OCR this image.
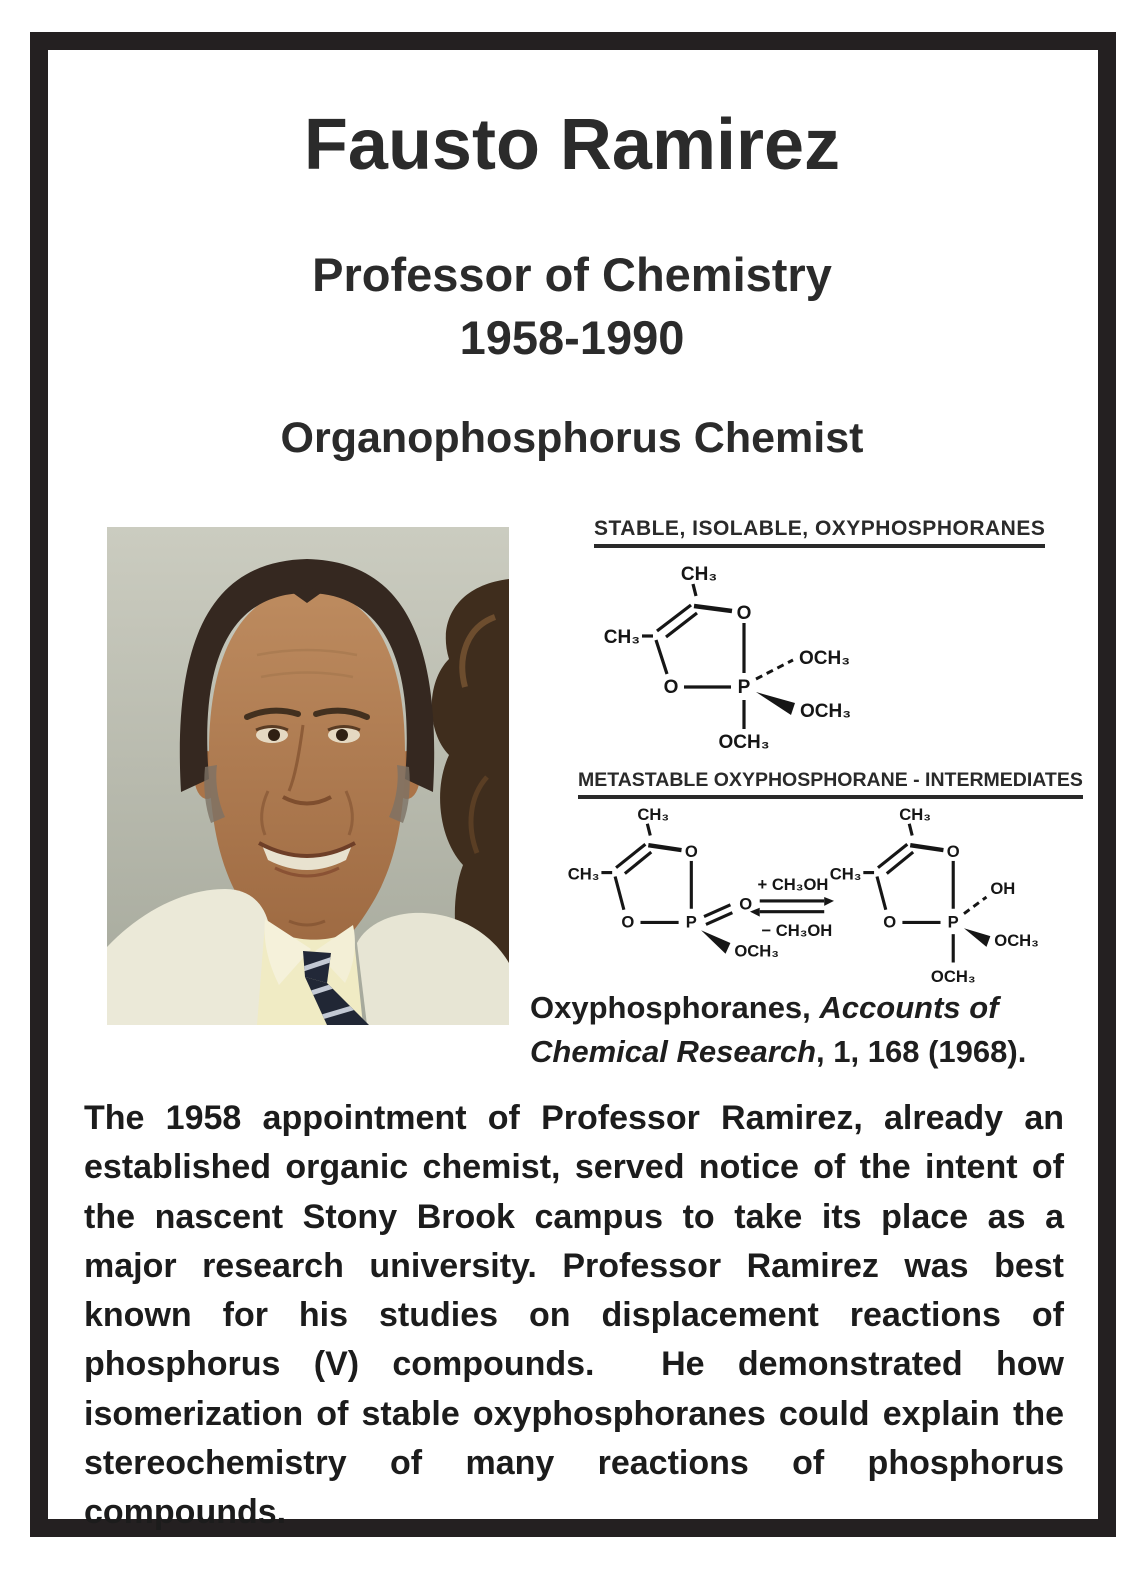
Fausto Ramirez
Professor of Chemistry
1958-1990
Organophosphorus Chemist
STABLE, ISOLABLE, OXYPHOSPHORANES
CH₃
CH₃
O
O	P
OCH₃
OCH₃
OCH₃
METASTABLE OXYPHOSPHORANE - INTERMEDIATES
CH₃
CH₃
O
O	P
O
OCH₃
+ CH₃OH
− CH₃OH
CH₃
CH₃
O
O	P
OH
OCH₃
OCH₃
Oxyphosphoranes, Accounts of Chemical Research, 1, 168 (1968).
The 1958 appointment of Professor Ramirez, already an established organic chemist, served notice of the intent of the nascent Stony Brook campus to take its place as a major research university. Professor Ramirez was best known for his studies on displacement reactions of phosphorus (V) compounds.  He demonstrated how isomerization of stable oxyphosphoranes could explain the stereochemistry of many reactions of phosphorus compounds.
